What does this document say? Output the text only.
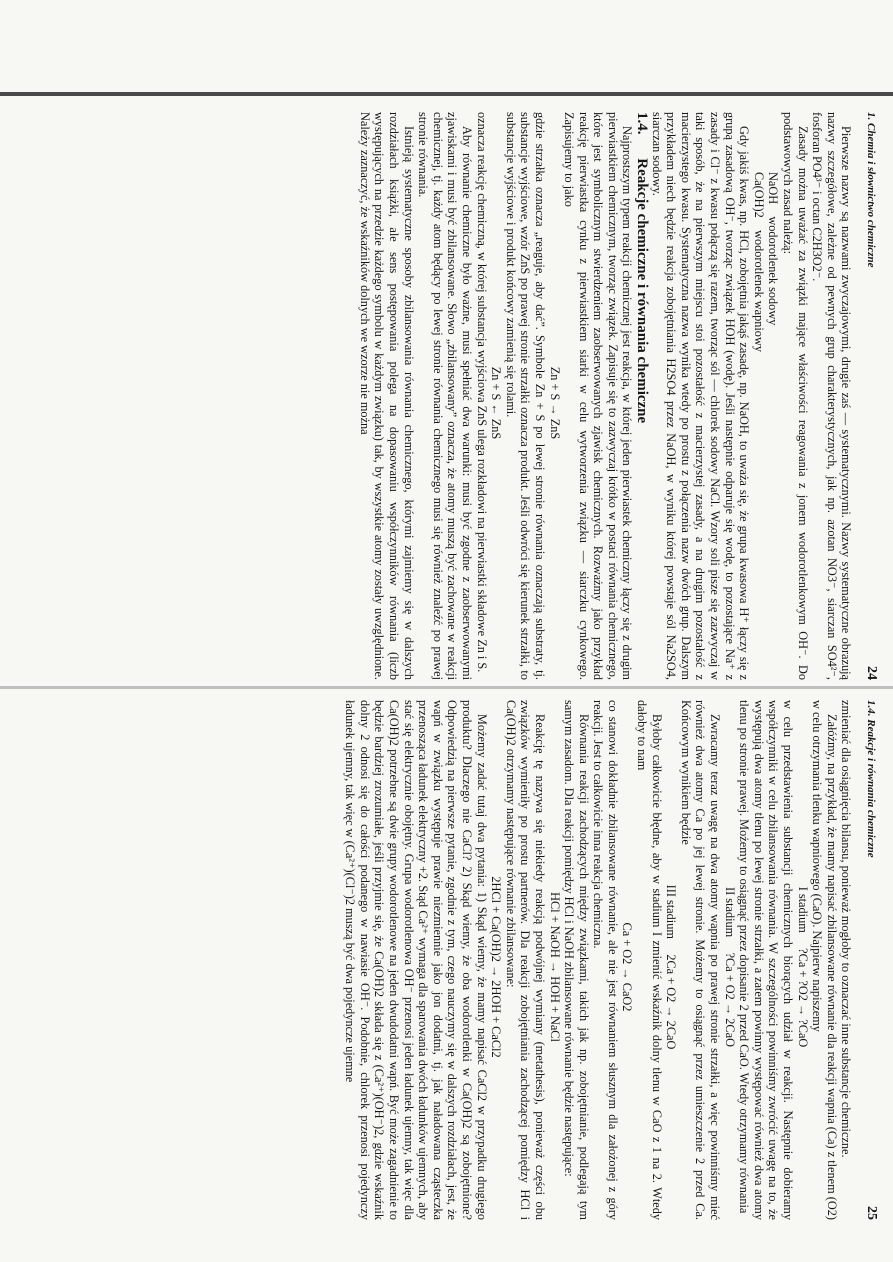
1. Chemia i słownictwo chemiczne
24

Pierwsze nazwy są nazwami zwyczajowymi, drugie zaś — systematycznymi. Nazwy systematyczne obrazują nazwy szczegółowe, zależne od pewnych grup charakterystycznych, jak np. azotan NO3⁻, siarczan SO4²⁻, fosforan PO4³⁻ i octan C2H3O2⁻.

Zasady można uważać za związki mające właściwości reagowania z jonem wodorotlenkowym OH⁻. Do podstawowych zasad należą:

NaOH    wodorotlenek sodowy

Ca(OH)2    wodorotlenek wapniowy

Gdy jakiś kwas, np. HCl, zobojętnia jakąś zasadę, np. NaOH, to uważa się, że grupa kwasowa H⁺ łączy się z grupą zasadową OH⁻, tworząc związek HOH (wodę). Jeśli następnie odparuje się wodę, to pozostające Na⁺ z zasady i Cl⁻ z kwasu połączą się razem, tworząc sól — chlorek sodowy NaCl. Wzory soli pisze się zazwyczaj w taki sposób, że na pierwszym miejscu stoi pozostałość z macierzystej zasady, a na drugim pozostałość z macierzystego kwasu. Systematyczna nazwa wynika wtedy po prostu z połączenia nazw dwóch grup. Dalszym przykładem niech będzie reakcja zobojętniania H2SO4 przez NaOH, w wyniku której powstaje sól Na2SO4, siarczan sodowy.

1.4. Reakcje chemiczne i równania chemiczne

Najprostszym typem reakcji chemicznej jest reakcja, w której jeden pierwiastek chemiczny łączy się z drugim pierwiastkiem chemicznym, tworząc związek. Zapisuje się to zazwyczaj krótko w postaci równania chemicznego, które jest symbolicznym stwierdzeniem zaobserwowanych zjawisk chemicznych. Rozważmy jako przykład reakcję pierwiastka cynku z pierwiastkiem siarki w celu wytworzenia związku — siarczku cynkowego. Zapisujemy to jako

Zn + S → ZnS

gdzie strzałka oznacza „reaguje, aby dać”. Symbole Zn + S po lewej stronie równania oznaczają substraty, tj. substancje wyjściowe, wzór ZnS po prawej stronie strzałki oznacza produkt. Jeśli odwróci się kierunek strzałki, to substancje wyjściowe i produkt końcowy zamienią się rolami.

Zn + S ← ZnS

oznacza reakcję chemiczną, w której substancja wyjściowa ZnS ulega rozkładowi na pierwiastki składowe Zn i S.

Aby równanie chemiczne było ważne, musi spełniać dwa warunki: musi być zgodne z zaobserwowanymi zjawiskami i musi być zbilansowane. Słowo „zbilansowany” oznacza, że atomy muszą być zachowane w reakcji chemicznej, tj. każdy atom będący po lewej stronie równania chemicznego musi się również znaleźć po prawej stronie równania.

Istnieją systematyczne sposoby zbilansowania równania chemicznego, którymi zajmiemy się w dalszych rozdziałach książki, ale sens postępowania polega na dopasowaniu współczynników równania (liczb występujących na przedzie każdego symbolu w każdym związku) tak, by wszystkie atomy zostały uwzględnione. Należy zaznaczyć, że wskaźników dolnych we wzorze nie można

1.4. Reakcje i równania chemiczne
25

zmieniać dla osiągnięcia bilansu, ponieważ mogłoby to oznaczać inne substancje chemiczne.

Załóżmy, na przykład, że mamy napisać zbilansowane równanie dla reakcji wapnia (Ca) z tlenem (O2) w celu otrzymania tlenku wapniowego (CaO). Najpierw napiszemy

I stadium     ?Ca + ?O2 → ?CaO

w celu przedstawienia substancji chemicznych biorących udział w reakcji. Następnie dobieramy współczynniki w celu zbilansowania równania. W szczególności powinniśmy zwrócić uwagę na to, że występują dwa atomy tlenu po lewej stronie strzałki, a zatem powinny występować również dwa atomy tlenu po stronie prawej. Możemy to osiągnąć przez dopisanie 2 przed CaO. Wtedy otrzymamy równania

II stadium     ?Ca + O2 → 2CaO

Zwracamy teraz uwagę na dwa atomy wapnia po prawej stronie strzałki, a więc powinniśmy mieć również dwa atomy Ca po jej lewej stronie. Możemy to osiągnąć przez umieszczenie 2 przed Ca. Końcowym wynikiem będzie

III stadium     2Ca + O2 → 2CaO

Byłoby całkowicie błędne, aby w stadium I zmienić wskaźnik dolny tlenu w CaO z 1 na 2. Wtedy dałoby to nam

Ca + O2 → CaO2

co stanowi dokładnie zbilansowane równanie, ale nie jest równaniem słusznym dla założonej z góry reakcji. Jest to całkowicie inna reakcja chemiczna.

Równania reakcji zachodzących między związkami, takich jak np. zobojętnianie, podlegają tym samym zasadom. Dla reakcji pomiędzy HCl i NaOH zbilansowane równanie będzie następujące:

HCl + NaOH → HOH + NaCl

Reakcję tę nazywa się niekiedy reakcją podwójnej wymiany (metathesis), ponieważ części obu związków wymieniły po prostu partnerów. Dla reakcji zobojętniania zachodzącej pomiędzy HCl i Ca(OH)2 otrzymamy następujące równanie zbilansowane:

2HCl + Ca(OH)2 → 2HOH + CaCl2

Możemy zadać tutaj dwa pytania: 1) Skąd wiemy, że mamy napisać CaCl2 w przypadku drugiego produktu? Dlaczego nie CaCl? 2) Skąd wiemy, że oba wodorotlenki w Ca(OH)2 są zobojętnione? Odpowiedzią na pierwsze pytanie, zgodnie z tym, czego nauczymy się w dalszych rozdziałach, jest, że wapń w związku występuje prawie niezmiennie jako jon dodatni, tj. jak naładowana cząsteczka przenosząca ładunek elektryczny +2. Stąd Ca²⁺ wymaga dla sparowania dwóch ładunków ujemnych, aby stać się elektrycznie obojętny. Grupa wodorotlenowa OH⁻ przenosi jeden ładunek ujemny, tak więc dla Ca(OH)2 potrzebne są dwie grupy wodorotlenowe na jeden dwudodatni wapń. Być może zagadnienie to będzie bardziej zrozumiałe, jeśli przyjmie się, że Ca(OH)2 składa się z (Ca²⁺)(OH⁻)2, gdzie wskaźnik dolny 2 odnosi się do całości podanego w nawiasie OH⁻. Podobnie, chlorek przenosi pojedynczy ładunek ujemny, tak więc w (Ca²⁺)(Cl⁻)2 muszą być dwa pojedyncze ujemne
